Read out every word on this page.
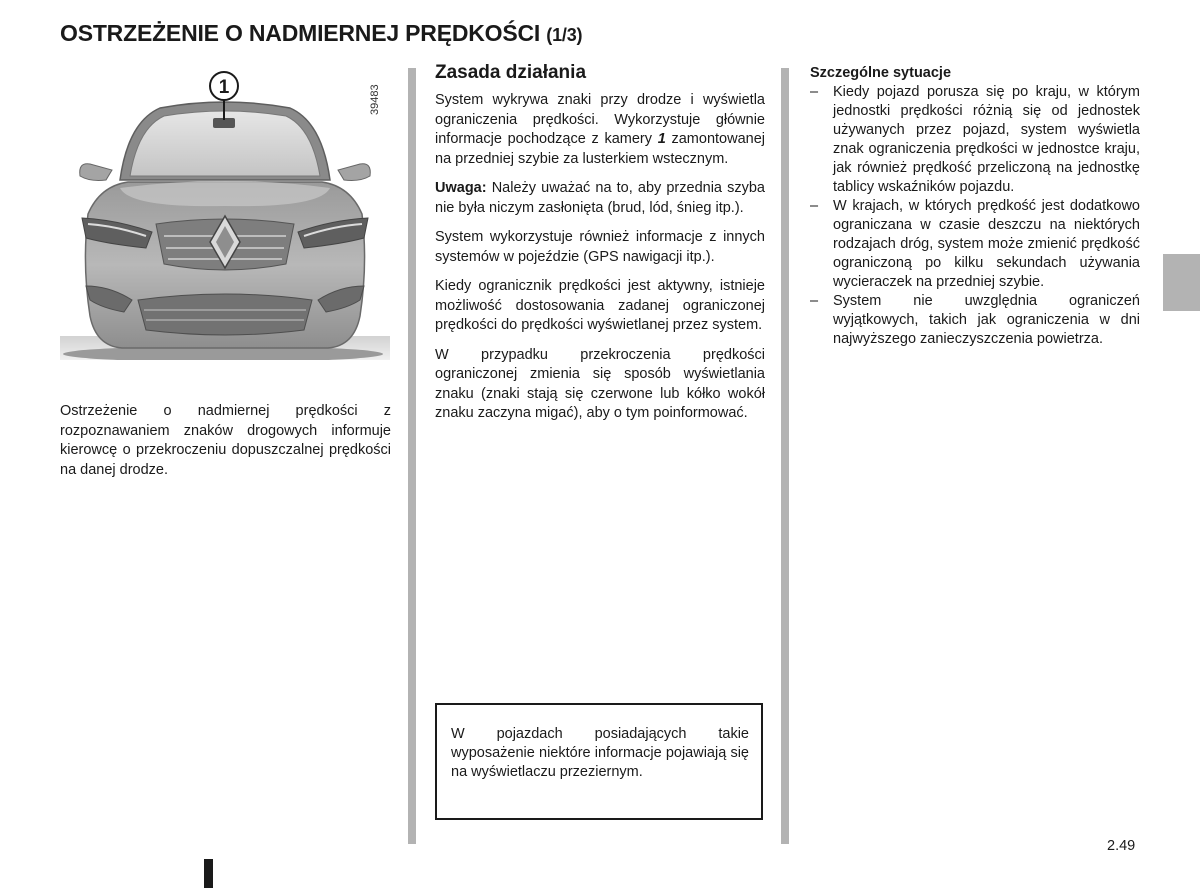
OSTRZEŻENIE O NADMIERNEJ PRĘDKOŚCI (1/3)
1	39483
Ostrzeżenie o nadmiernej prędkości z rozpoznawaniem znaków drogowych informuje kierowcę o przekroczeniu dopuszczalnej prędkości na danej drodze.
Zasada działania

System wykrywa znaki przy drodze i wyświetla ograniczenia prędkości. Wykorzystuje głównie informacje pochodzące z kamery 1 zamontowanej na przedniej szybie za lusterkiem wstecznym.

Uwaga: Należy uważać na to, aby przednia szyba nie była niczym zasłonięta (brud, lód, śnieg itp.).

System wykorzystuje również informacje z innych systemów w pojeździe (GPS nawigacji itp.).

Kiedy ogranicznik prędkości jest aktywny, istnieje możliwość dostosowania zadanej ograniczonej prędkości do prędkości wyświetlanej przez system.

W przypadku przekroczenia prędkości ograniczonej zmienia się sposób wyświetlania znaku (znaki stają się czerwone lub kółko wokół znaku zaczyna migać), aby o tym poinformować.

W pojazdach posiadających takie wyposażenie niektóre informacje pojawiają się na wyświetlaczu przeziernym.
Szczególne sytuacje
– Kiedy pojazd porusza się po kraju, w którym jednostki prędkości różnią się od jednostek używanych przez pojazd, system wyświetla znak ograniczenia prędkości w jednostce kraju, jak również prędkość przeliczoną na jednostkę tablicy wskaźników pojazdu.
– W krajach, w których prędkość jest dodatkowo ograniczana w czasie deszczu na niektórych rodzajach dróg, system może zmienić prędkość ograniczoną po kilku sekundach używania wycieraczek na przedniej szybie.
– System nie uwzględnia ograniczeń wyjątkowych, takich jak ograniczenia w dni najwyższego zanieczyszczenia powietrza.
2.49
